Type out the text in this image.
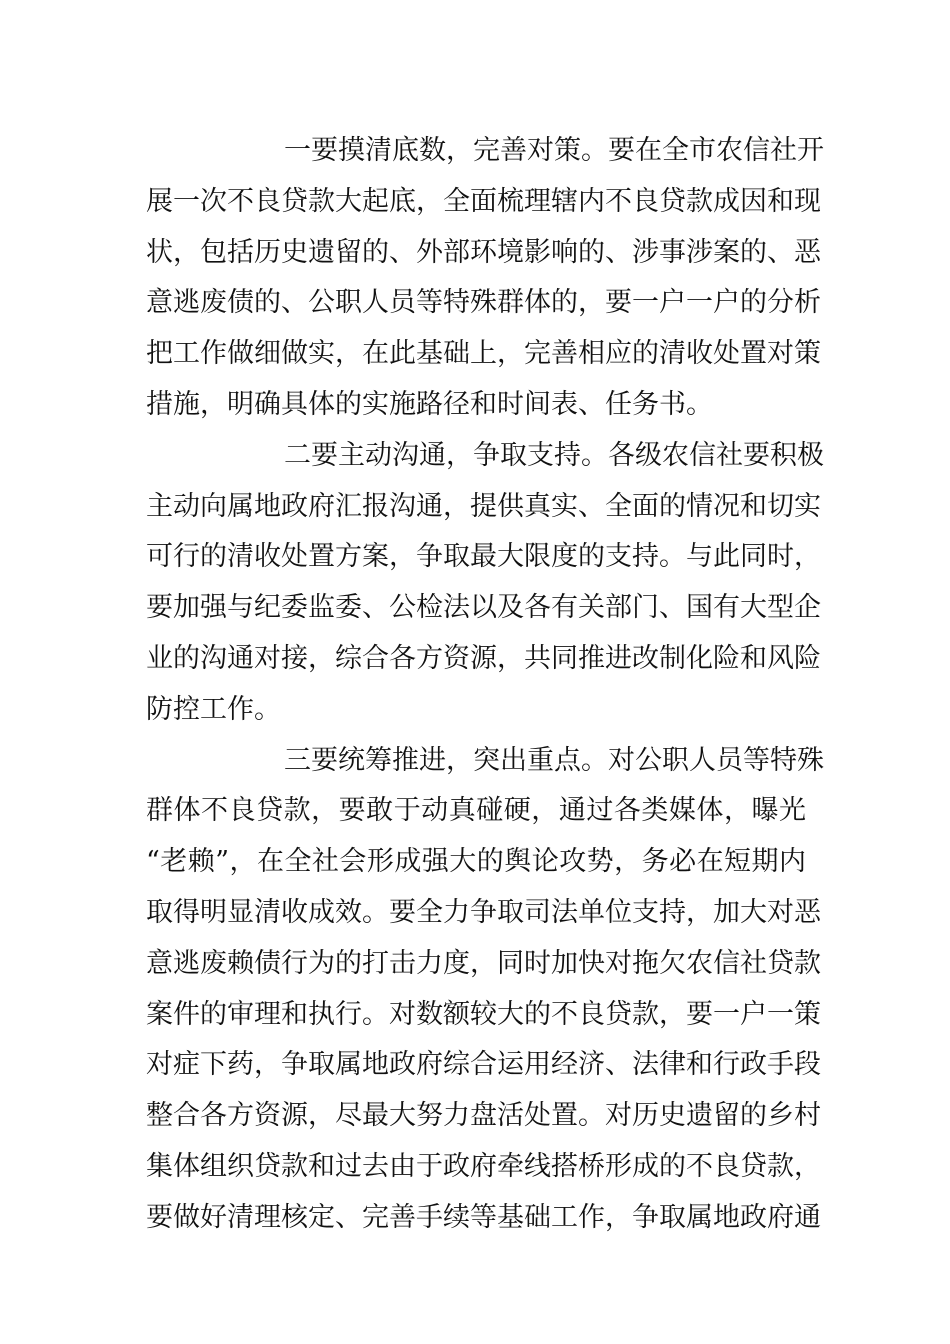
一要摸清底数，完善对策。要在全市农信社开
展一次不良贷款大起底，全面梳理辖内不良贷款成因和现
状，包括历史遗留的、外部环境影响的、涉事涉案的、恶
意逃废债的、公职人员等特殊群体的，要一户一户的分析
把工作做细做实，在此基础上，完善相应的清收处置对策
措施，明确具体的实施路径和时间表、任务书。
二要主动沟通，争取支持。各级农信社要积极
主动向属地政府汇报沟通，提供真实、全面的情况和切实
可行的清收处置方案，争取最大限度的支持。与此同时，
要加强与纪委监委、公检法以及各有关部门、国有大型企
业的沟通对接，综合各方资源，共同推进改制化险和风险
防控工作。
三要统筹推进，突出重点。对公职人员等特殊
群体不良贷款，要敢于动真碰硬，通过各类媒体，曝光
“老赖”，在全社会形成强大的舆论攻势，务必在短期内
取得明显清收成效。要全力争取司法单位支持，加大对恶
意逃废赖债行为的打击力度，同时加快对拖欠农信社贷款
案件的审理和执行。对数额较大的不良贷款，要一户一策
对症下药，争取属地政府综合运用经济、法律和行政手段
整合各方资源，尽最大努力盘活处置。对历史遗留的乡村
集体组织贷款和过去由于政府牵线搭桥形成的不良贷款，
要做好清理核定、完善手续等基础工作，争取属地政府通
